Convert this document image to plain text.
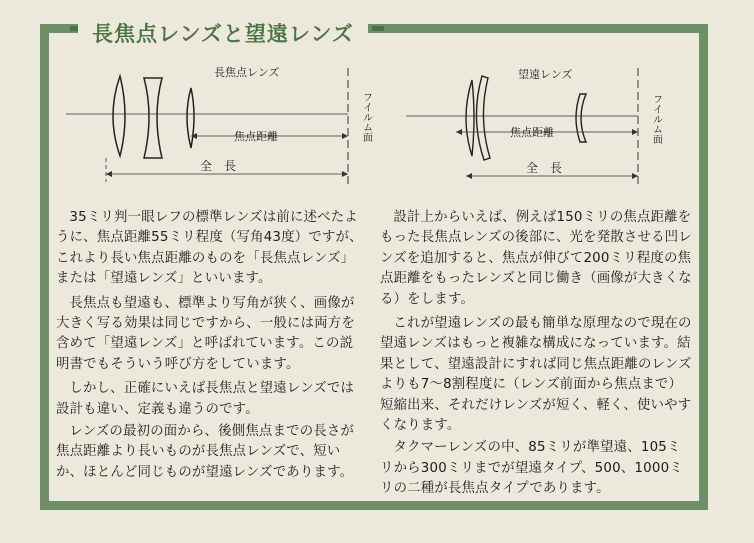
長焦点レンズと望遠レンズ
長焦点レンズ
焦点距離
全　長
フイルム面
望遠レンズ
焦点距離
全　長
フイルム面

35ミリ判一眼レフの標準レンズは前に述べたように、焦点距離55ミリ程度（写角43度）ですが、これより長い焦点距離のものを「長焦点レンズ」または「望遠レンズ」といいます。

長焦点も望遠も、標準より写角が狭く、画像が大きく写る効果は同じですから、一般には両方を含めて「望遠レンズ」と呼ばれています。この説明書でもそういう呼び方をしています。

しかし、正確にいえば長焦点と望遠レンズでは設計も違い、定義も違うのです。

レンズの最初の面から、後側焦点までの長さが焦点距離より長いものが長焦点レンズで、短いか、ほとんど同じものが望遠レンズであります。

設計上からいえば、例えば150ミリの焦点距離をもった長焦点レンズの後部に、光を発散させる凹レンズを追加すると、焦点が伸びて200ミリ程度の焦点距離をもったレンズと同じ働き（画像が大きくなる）をします。

これが望遠レンズの最も簡単な原理なので現在の望遠レンズはもっと複雑な構成になっています。結果として、望遠設計にすれば同じ焦点距離のレンズよりも7～8割程度に（レンズ前面から焦点まで）短縮出来、それだけレンズが短く、軽く、使いやすくなります。

タクマーレンズの中、85ミリが準望遠、105ミリから300ミリまでが望遠タイプ、500、1000ミリの二種が長焦点タイプであります。
